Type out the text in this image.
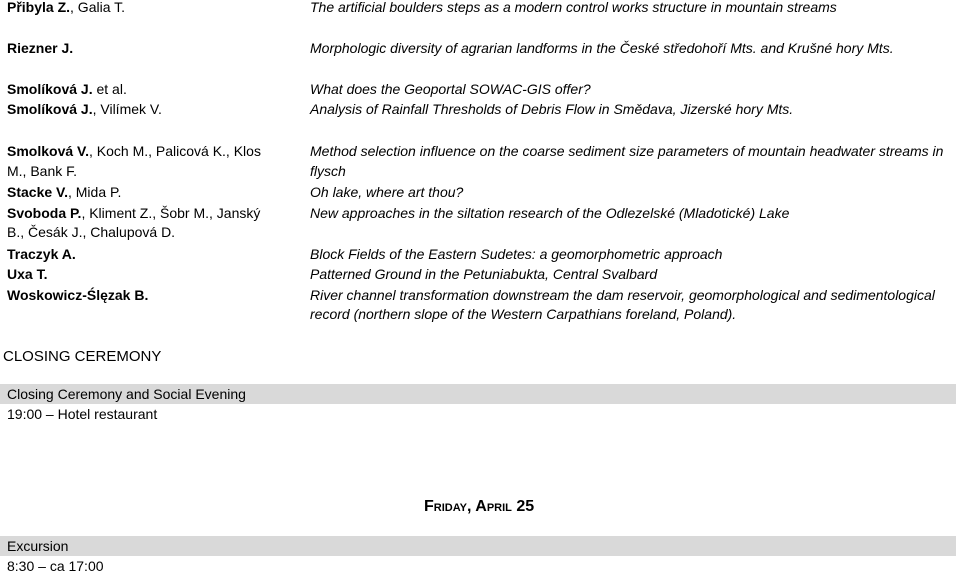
Přibyla Z., Galia T.	The artificial boulders steps as a modern control works structure in mountain streams
Riezner J.	Morphologic diversity of agrarian landforms in the České středohoří Mts. and Krušné hory Mts.
Smolíková J. et al.	What does the Geoportal SOWAC-GIS offer?
Smolíková J., Vilímek V.	Analysis of Rainfall Thresholds of Debris Flow in Smědava, Jizerské hory Mts.
Smolková V., Koch M., Palicová K., Klos	Method selection influence on the coarse sediment size parameters of mountain headwater streams in
M., Bank F.	flysch
Stacke V., Mida P.	Oh lake, where art thou?
Svoboda P., Kliment Z., Šobr M., Janský	New approaches in the siltation research of the Odlezelské (Mladotické) Lake
B., Česák J., Chalupová D.
Traczyk A.	Block Fields of the Eastern Sudetes: a geomorphometric approach
Uxa T.	Patterned Ground in the Petuniabukta, Central Svalbard
Woskowicz-Ślęzak B.	River channel transformation downstream the dam reservoir, geomorphological and sedimentological
record (northern slope of the Western Carpathians foreland, Poland).
CLOSING CEREMONY
Closing Ceremony and Social Evening
19:00 – Hotel restaurant
Friday, April 25
Excursion
8:30 – ca 17:00
